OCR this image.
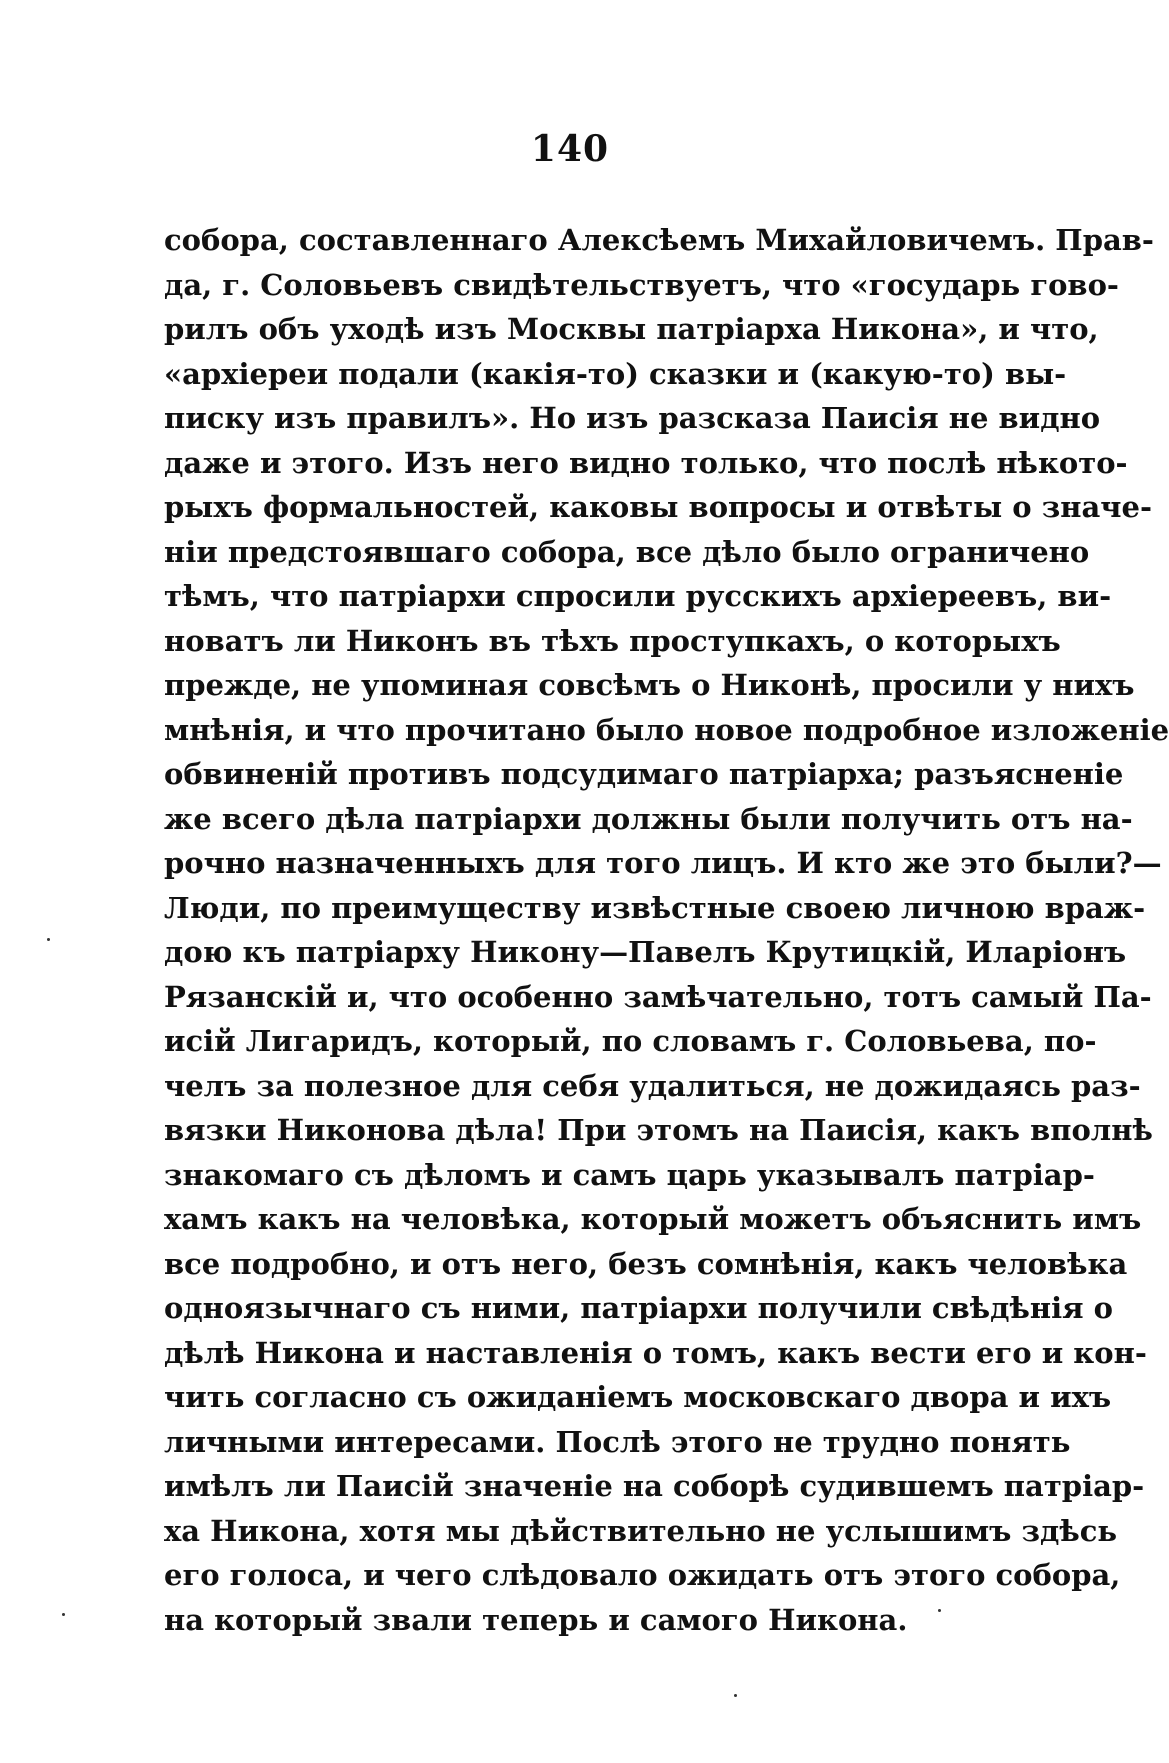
140
собора, составленнаго Алексѣемъ Михайловичемъ. Прав-
да, г. Соловьевъ свидѣтельствуетъ, что «государь гово-
рилъ объ уходѣ изъ Москвы патріарха Никона», и что,
«архіереи подали (какія-то) сказки и (какую-то) вы-
писку изъ правилъ». Но изъ разсказа Паисія не видно
даже и этого. Изъ него видно только, что послѣ нѣкото-
рыхъ формальностей, каковы вопросы и отвѣты о значе-
ніи предстоявшаго собора, все дѣло было ограничено
тѣмъ, что патріархи спросили русскихъ архіереевъ, ви-
новатъ ли Никонъ въ тѣхъ проступкахъ, о которыхъ
прежде, не упоминая совсѣмъ о Никонѣ, просили у нихъ
мнѣнія, и что прочитано было новое подробное изложеніе
обвиненій противъ подсудимаго патріарха; разъясненіе
же всего дѣла патріархи должны были получить отъ на-
рочно назначенныхъ для того лицъ. И кто же это были?—
Люди, по преимуществу извѣстные своею личною враж-
дою къ патріарху Никону—Павелъ Крутицкій, Иларіонъ
Рязанскій и, что особенно замѣчательно, тотъ самый Па-
исій Лигаридъ, который, по словамъ г. Соловьева, по-
челъ за полезное для себя удалиться, не дожидаясь раз-
вязки Никонова дѣла! При этомъ на Паисія, какъ вполнѣ
знакомаго съ дѣломъ и самъ царь указывалъ патріар-
хамъ какъ на человѣка, который можетъ объяснить имъ
все подробно, и отъ него, безъ сомнѣнія, какъ человѣка
одноязычнаго съ ними, патріархи получили свѣдѣнія о
дѣлѣ Никона и наставленія о томъ, какъ вести его и кон-
чить согласно съ ожиданіемъ московскаго двора и ихъ
личными интересами. Послѣ этого не трудно понять
имѣлъ ли Паисій значеніе на соборѣ судившемъ патріар-
ха Никона, хотя мы дѣйствительно не услышимъ здѣсь
его голоса, и чего слѣдовало ожидать отъ этого собора,
на который звали теперь и самого Никона.
